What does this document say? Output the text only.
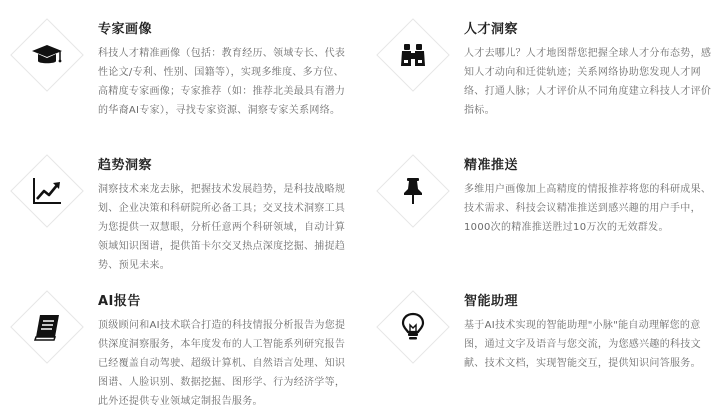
专家画像

科技人才精准画像（包括：教育经历、领域专长、代表性论文/专利、性别、国籍等），实现多维度、多方位、高精度专家画像；专家推荐（如：推荐北美最具有潜力的华裔AI专家），寻找专家资源、洞察专家关系网络。

人才洞察

人才去哪儿？人才地图帮您把握全球人才分布态势，感知人才动向和迁徙轨迹；关系网络协助您发现人才网络、打通人脉；人才评价从不同角度建立科技人才评价指标。

趋势洞察

洞察技术来龙去脉，把握技术发展趋势，是科技战略规划、企业决策和科研院所必备工具；交叉技术洞察工具为您提供一双慧眼，分析任意两个科研领域，自动计算领域知识图谱，提供笛卡尔交叉热点深度挖掘、捕捉趋势、预见未来。

精准推送

多维用户画像加上高精度的情报推荐将您的科研成果、技术需求、科技会议精准推送到感兴趣的用户手中，1000次的精准推送胜过10万次的无效群发。

AI报告

顶级顾问和AI技术联合打造的科技情报分析报告为您提供深度洞察服务，本年度发布的人工智能系列研究报告已经覆盖自动驾驶、超级计算机、自然语言处理、知识图谱、人脸识别、数据挖掘、图形学、行为经济学等，此外还提供专业领域定制报告服务。

智能助理

基于AI技术实现的智能助理"小脉"能自动理解您的意图，通过文字及语音与您交流，为您感兴趣的科技文献、技术文档，实现智能交互，提供知识问答服务。
